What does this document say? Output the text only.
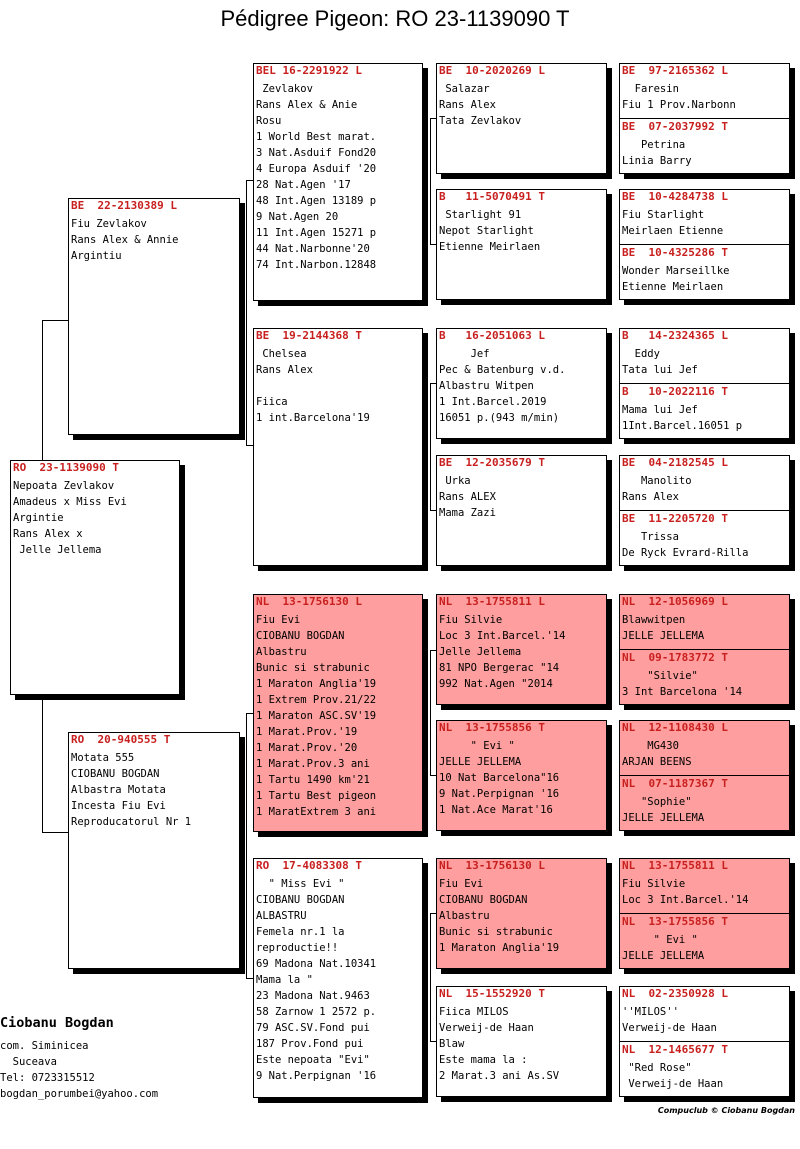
Pédigree Pigeon: RO 23-1139090 T
RO  23-1139090 T
Nepoata Zevlakov
Amadeus x Miss Evi
Argintie
Rans Alex x
Jelle Jellema
BE  22-2130389 L
Fiu Zevlakov
Rans Alex & Annie
Argintiu
RO  20-940555 T
Motata 555
CIOBANU BOGDAN
Albastra Motata
Incesta Fiu Evi
Reproducatorul Nr 1
BEL 16-2291922 L
Zevlakov
Rans Alex & Anie
Rosu
1 World Best marat.
3 Nat.Asduif Fond20
4 Europa Asduif '20
28 Nat.Agen '17
48 Int.Agen 13189 p
9 Nat.Agen 20
11 Int.Agen 15271 p
44 Nat.Narbonne'20
74 Int.Narbon.12848
BE  19-2144368 T
Chelsea
Rans Alex

Fiica
1 int.Barcelona'19
NL  13-1756130 L
Fiu Evi
CIOBANU BOGDAN
Albastru
Bunic si strabunic
1 Maraton Anglia'19
1 Extrem Prov.21/22
1 Maraton ASC.SV'19
1 Marat.Prov.'19
1 Marat.Prov.'20
1 Marat.Prov.3 ani
1 Tartu 1490 km'21
1 Tartu Best pigeon
1 MaratExtrem 3 ani
RO  17-4083308 T
" Miss Evi "
CIOBANU BOGDAN
ALBASTRU
Femela nr.1 la
reproductie!!
69 Madona Nat.10341
Mama la "
23 Madona Nat.9463
58 Zarnow 1 2572 p.
79 ASC.SV.Fond pui
187 Prov.Fond pui
Este nepoata "Evi"
9 Nat.Perpignan '16
BE  10-2020269 L
Salazar
Rans Alex
Tata Zevlakov
B   11-5070491 T
Starlight 91
Nepot Starlight
Etienne Meirlaen
B   16-2051063 L
Jef
Pec & Batenburg v.d.
Albastru Witpen
1 Int.Barcel.2019
16051 p.(943 m/min)
BE  12-2035679 T
Urka
Rans ALEX
Mama Zazi
NL  13-1755811 L
Fiu Silvie
Loc 3 Int.Barcel.'14
Jelle Jellema
81 NPO Bergerac "14
992 Nat.Agen "2014
NL  13-1755856 T
" Evi "
JELLE JELLEMA
10 Nat Barcelona"16
9 Nat.Perpignan '16
1 Nat.Ace Marat'16
NL  13-1756130 L
Fiu Evi
CIOBANU BOGDAN
Albastru
Bunic si strabunic
1 Maraton Anglia'19
NL  15-1552920 T
Fiica MILOS
Verweij-de Haan
Blaw
Este mama la :
2 Marat.3 ani As.SV
BE  97-2165362 L
Faresin
Fiu 1 Prov.Narbonn
BE  07-2037992 T
Petrina
Linia Barry
BE  10-4284738 L
Fiu Starlight
Meirlaen Etienne
BE  10-4325286 T
Wonder Marseillke
Etienne Meirlaen
B   14-2324365 L
Eddy
Tata lui Jef
B   10-2022116 T
Mama lui Jef
1Int.Barcel.16051 p
BE  04-2182545 L
Manolito
Rans Alex
BE  11-2205720 T
Trissa
De Ryck Evrard-Rilla
NL  12-1056969 L
Blawwitpen
JELLE JELLEMA
NL  09-1783772 T
"Silvie"
3 Int Barcelona '14
NL  12-1108430 L
MG430
ARJAN BEENS
NL  07-1187367 T
"Sophie"
JELLE JELLEMA
NL  13-1755811 L
Fiu Silvie
Loc 3 Int.Barcel.'14
NL  13-1755856 T
" Evi "
JELLE JELLEMA
NL  02-2350928 L
''MILOS''
Verweij-de Haan
NL  12-1465677 T
"Red Rose"
Verweij-de Haan
Ciobanu Bogdan
com. Siminicea
Suceava
Tel: 0723315512
bogdan_porumbei@yahoo.com
Compuclub © Ciobanu Bogdan
